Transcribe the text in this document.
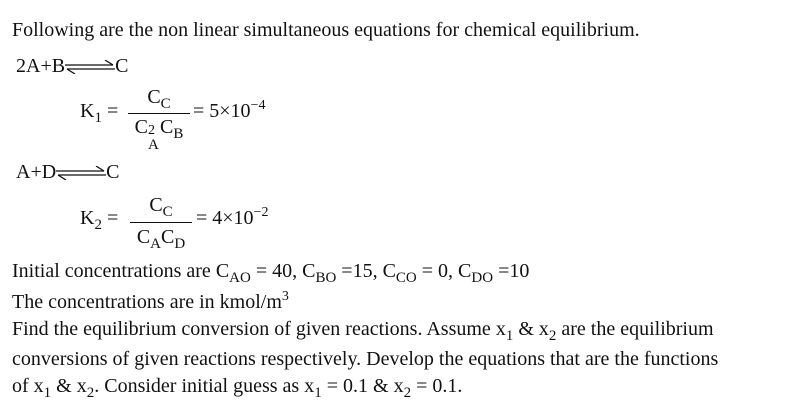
Following are the non linear simultaneous equations for chemical equilibrium.
2A+B⇌C
$K_1$ =
$C_C$
C 2
A
$C_B$
= $5\times 10^{-4}$
A+D⇌C
$K_2$ =
$C_C$
$C_AC_D$
= $4\times 10^{-2}$
Initial concentrations are $C_{AO} = 40$, $C_{BO} =15$, $C_{CO} = 0$, $C_{DO} =10$
The concentrations are in kmol/$m^3$
Find the equilibrium conversion of given reactions. Assume $x_1$ & $x_2$ are the equilibrium
conversions of given reactions respectively. Develop the equations that are the functions
of $x_1$ & $x_2$. Consider initial guess as $x_1 = 0.1$ & $x_2 = 0.1$.
